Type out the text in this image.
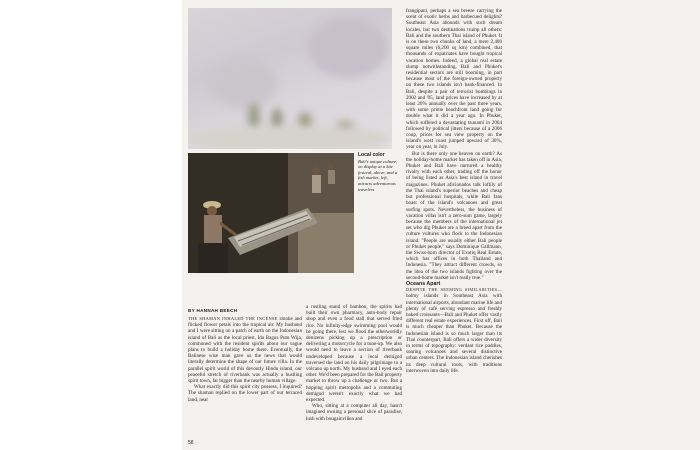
Local color
Bali's unique culture, on display at a kite festival, above, and a fish market, left, attracts adventurous travelers
BY HANNAH BEECH

THE SHAMAN INHALED THE INCENSE smoke and flicked flower petals into the tropical air. My husband and I were sitting on a patch of earth on the Indonesian island of Bali as the local priest, Ida Bagus Putu Wija, communed with the resident spirits about our vague plans to build a holiday home there. Eventually, the Balinese wise man gave us the news that would literally determine the shape of our future villa. In the parallel spirit world of this devoutly Hindu island, our peaceful stretch of riverbank was actually a bustling spirit town, far bigger than the nearby human village.

What exactly did this spirit city possess, I inquired? The shaman replied on the lower part of our terraced land, near

a rustling stand of bamboo, the spirits had built their own pharmacy, auto-body repair shop and even a food stall that served fried rice. No infinity-edge swimming pool would be going there, lest we flood the otherworldly denizens picking up a prescription or delivering a motorcycle for a tune-up. We also would need to leave a section of riverbank undeveloped because a local demigod traversed the land on his daily pilgrimage to a volcano up north. My husband and I eyed each other. We'd been prepared for the Bali property market to throw up a challenge or two. But a hopping spirit metropolis and a commuting demigod weren't exactly what we had expected.

Who, sitting at a computer all day, hasn't imagined owning a personal slice of paradise, lush with bougainvillea and

frangipani, perhaps a sea breeze carrying the scent of exotic herbs and barbecued delights? Southeast Asia abounds with such dream locales, but two destinations trump all others: Bali and the southern Thai island of Phuket. It is on these two chunks of land, a mere 2,400 square miles (6,200 sq km) combined, that thousands of expatriates have bought tropical vacation homes. Indeed, a global real estate slump notwithstanding, Bali and Phuket's residential sectors are still booming, in part because most of the foreign-owned property on these two islands isn't bank-financed. In Bali, despite a pair of terrorist bombings in 2002 and '05, land prices have increased by at least 20% annually over the past three years, with some prime beachfront land going for double what it did a year ago. In Phuket, which suffered a devastating tsunami in 2004 followed by political jitters because of a 2006 coup, prices for sea view property on the island's west coast jumped upward of 30%, year on year, in July.

But is there only one heaven on earth? As the holiday-home market has taken off in Asia, Phuket and Bali have nurtured a healthy rivalry with each other, trading off the honor of being listed as Asia's best island in travel magazines. Phuket aficionados talk loftily of the Thai island's superior beaches and cheap but professional hospitals, while Bali fans boast of the island's volcanoes and great surfing spots. Nevertheless, the business of vacation villas isn't a zero-sum game, largely because the members of the international jet set who dig Phuket are a breed apart from the culture vultures who flock to the Indonesian island. "People are usually either Bali people or Phuket people," says Dominique Gallmann, the Swiss-born director of Exotiq Real Estate, which has offices in both Thailand and Indonesia. "They attract different crowds, so the idea of the two islands fighting over the second-home market isn't really true."

Oceans Apart

DESPITE THE SEEMING SIMILARITIES— balmy islands in Southeast Asia with international airports, abundant marine life and plenty of café serving espresso and freshly baked croissants—Bali and Phuket offer vastly different real estate experiences. First off, Bali is much cheaper than Phuket. Because the Indonesian island is so much larger than its Thai counterpart, Bali offers a wider diversity in terms of topography: verdant rice paddies, soaring volcanoes and several distinctive urban centers. The Indonesian island cherishes its deep cultural roots, with traditions interwoven into daily life.

58
